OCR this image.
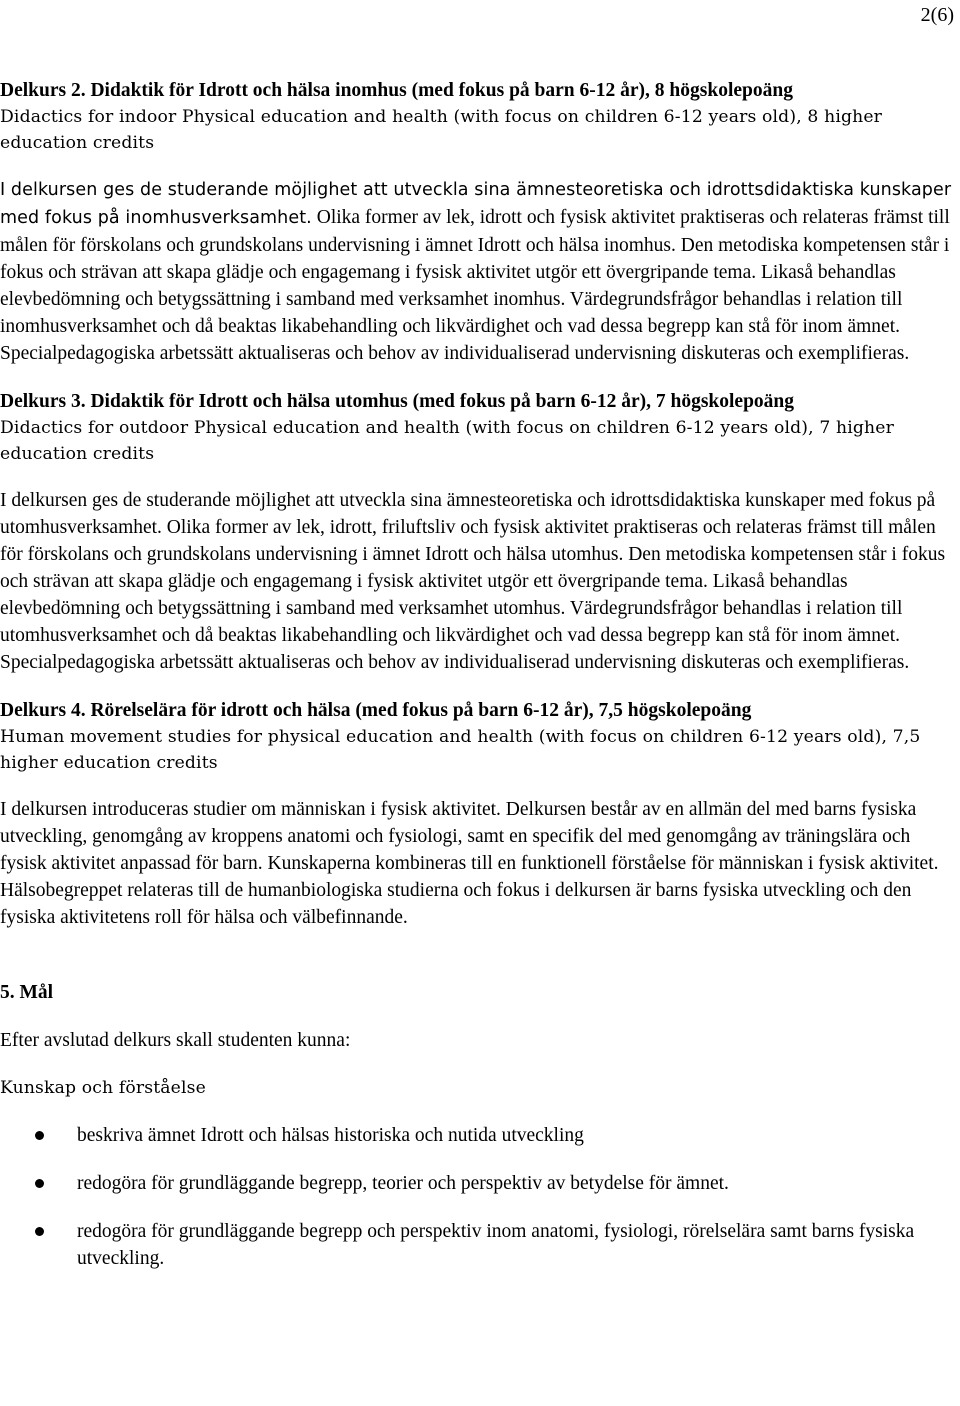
2(6)

Delkurs 2. Didaktik för Idrott och hälsa inomhus (med fokus på barn 6-12 år), 8 högskolepoäng

Didactics for indoor Physical education and health (with focus on children 6-12 years old), 8 higher education credits

I delkursen ges de studerande möjlighet att utveckla sina ämnesteoretiska och idrottsdidaktiska kunskaper med fokus på inomhusverksamhet. Olika former av lek, idrott och fysisk aktivitet praktiseras och relateras främst till målen för förskolans och grundskolans undervisning i ämnet Idrott och hälsa inomhus. Den metodiska kompetensen står i fokus och strävan att skapa glädje och engagemang i fysisk aktivitet utgör ett övergripande tema. Likaså behandlas elevbedömning och betygssättning i samband med verksamhet inomhus. Värdegrundsfrågor behandlas i relation till inomhusverksamhet och då beaktas likabehandling och likvärdighet och vad dessa begrepp kan stå för inom ämnet. Specialpedagogiska arbetssätt aktualiseras och behov av individualiserad undervisning diskuteras och exemplifieras.

Delkurs 3. Didaktik för Idrott och hälsa utomhus (med fokus på barn 6-12 år), 7 högskolepoäng

Didactics for outdoor Physical education and health (with focus on children 6-12 years old), 7 higher education credits

I delkursen ges de studerande möjlighet att utveckla sina ämnesteoretiska och idrottsdidaktiska kunskaper med fokus på utomhusverksamhet. Olika former av lek, idrott, friluftsliv och fysisk aktivitet praktiseras och relateras främst till målen för förskolans och grundskolans undervisning i ämnet Idrott och hälsa utomhus. Den metodiska kompetensen står i fokus och strävan att skapa glädje och engagemang i fysisk aktivitet utgör ett övergripande tema. Likaså behandlas elevbedömning och betygssättning i samband med verksamhet utomhus. Värdegrundsfrågor behandlas i relation till utomhusverksamhet och då beaktas likabehandling och likvärdighet och vad dessa begrepp kan stå för inom ämnet. Specialpedagogiska arbetssätt aktualiseras och behov av individualiserad undervisning diskuteras och exemplifieras.

Delkurs 4. Rörelselära för idrott och hälsa (med fokus på barn 6-12 år), 7,5 högskolepoäng

Human movement studies for physical education and health (with focus on children 6-12 years old), 7,5 higher education credits

I delkursen introduceras studier om människan i fysisk aktivitet. Delkursen består av en allmän del med barns fysiska utveckling, genomgång av kroppens anatomi och fysiologi, samt en specifik del med genomgång av träningslära och fysisk aktivitet anpassad för barn. Kunskaperna kombineras till en funktionell förståelse för människan i fysisk aktivitet. Hälsobegreppet relateras till de humanbiologiska studierna och fokus i delkursen är barns fysiska utveckling och den fysiska aktivitetens roll för hälsa och välbefinnande.

5. Mål

Efter avslutad delkurs skall studenten kunna:

Kunskap och förståelse

beskriva ämnet Idrott och hälsas historiska och nutida utveckling
redogöra för grundläggande begrepp, teorier och perspektiv av betydelse för ämnet.
redogöra för grundläggande begrepp och perspektiv inom anatomi, fysiologi, rörelselära samt barns fysiska utveckling.
